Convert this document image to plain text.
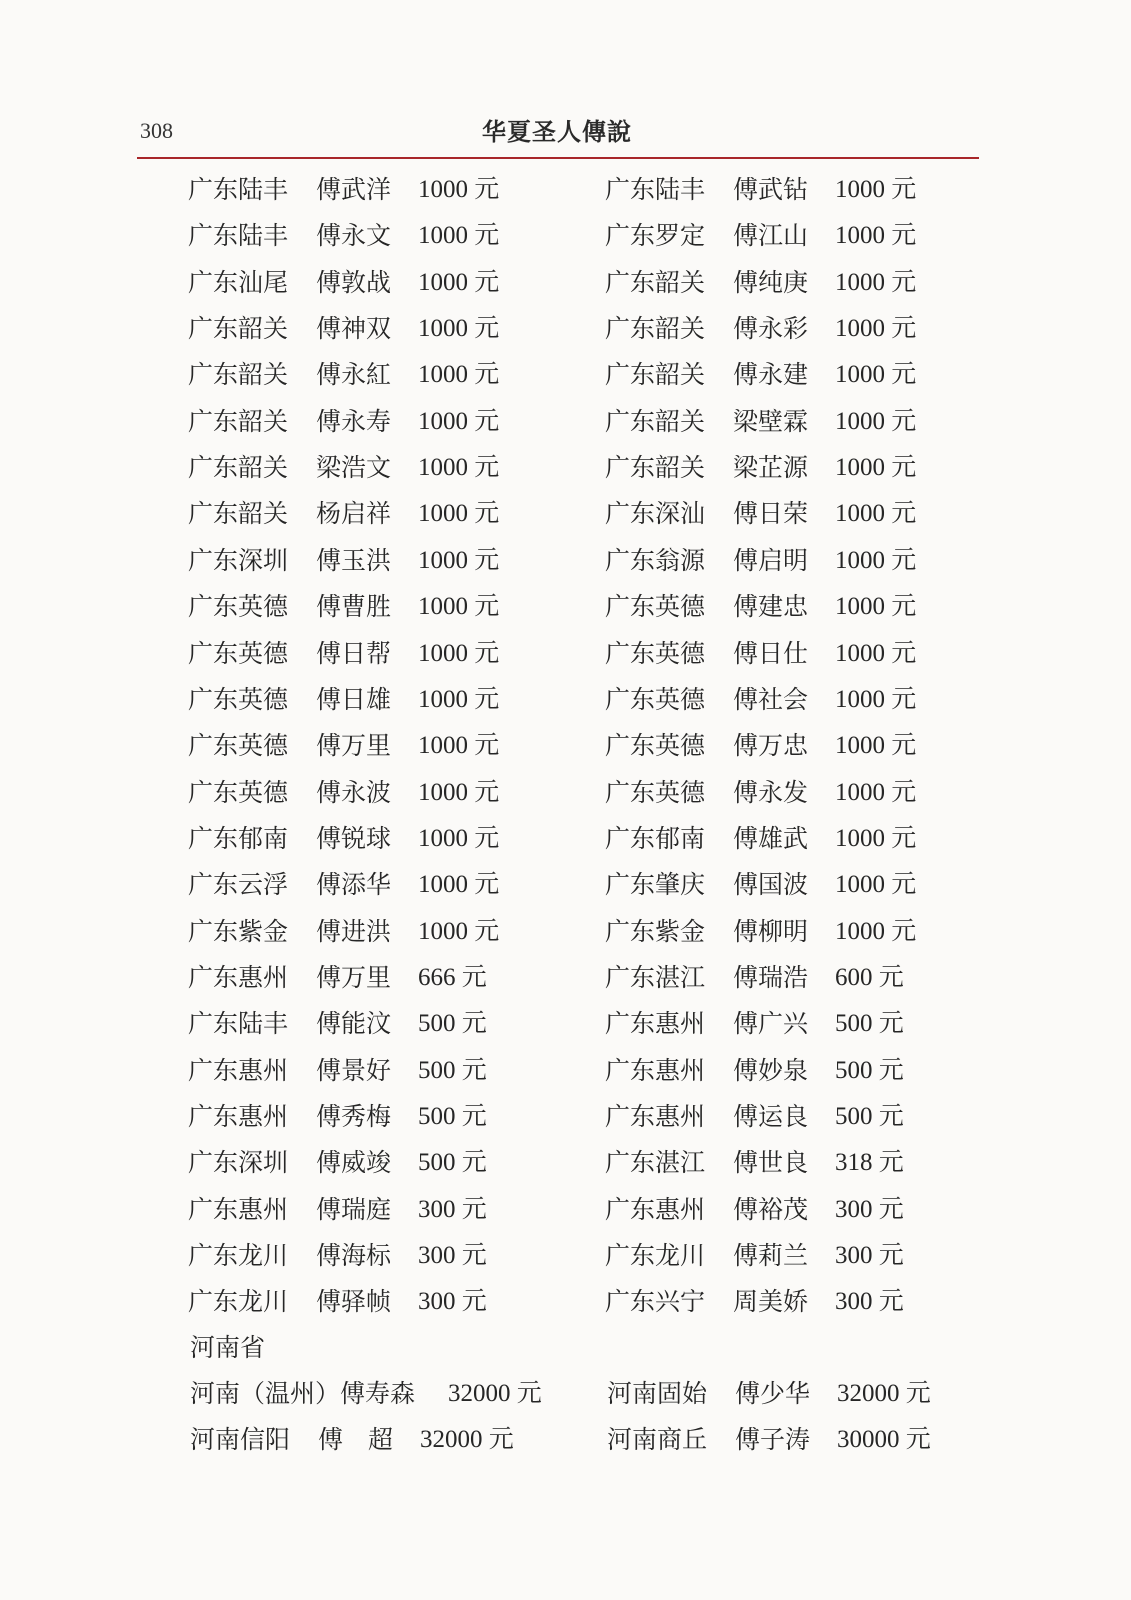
308	华夏圣人傳說
广东陆丰 傅武洋 1000 元	广东陆丰 傅武钻 1000 元
广东陆丰 傅永文 1000 元	广东罗定 傅江山 1000 元
广东汕尾 傅敦战 1000 元	广东韶关 傅纯庚 1000 元
广东韶关 傅神双 1000 元	广东韶关 傅永彩 1000 元
广东韶关 傅永紅 1000 元	广东韶关 傅永建 1000 元
广东韶关 傅永寿 1000 元	广东韶关 梁壁霖 1000 元
广东韶关 梁浩文 1000 元	广东韶关 梁芷源 1000 元
广东韶关 杨启祥 1000 元	广东深汕 傅日荣 1000 元
广东深圳 傅玉洪 1000 元	广东翁源 傅启明 1000 元
广东英德 傅曹胜 1000 元	广东英德 傅建忠 1000 元
广东英德 傅日帮 1000 元	广东英德 傅日仕 1000 元
广东英德 傅日雄 1000 元	广东英德 傅社会 1000 元
广东英德 傅万里 1000 元	广东英德 傅万忠 1000 元
广东英德 傅永波 1000 元	广东英德 傅永发 1000 元
广东郁南 傅锐球 1000 元	广东郁南 傅雄武 1000 元
广东云浮 傅添华 1000 元	广东肇庆 傅国波 1000 元
广东紫金 傅进洪 1000 元	广东紫金 傅柳明 1000 元
广东惠州 傅万里 666 元	广东湛江 傅瑞浩 600 元
广东陆丰 傅能汶 500 元	广东惠州 傅广兴 500 元
广东惠州 傅景好 500 元	广东惠州 傅妙泉 500 元
广东惠州 傅秀梅 500 元	广东惠州 傅运良 500 元
广东深圳 傅威竣 500 元	广东湛江 傅世良 318 元
广东惠州 傅瑞庭 300 元	广东惠州 傅裕茂 300 元
广东龙川 傅海标 300 元	广东龙川 傅莉兰 300 元
广东龙川 傅驿帧 300 元	广东兴宁 周美娇 300 元
河南省
河南（温州）傅寿森 32000 元	河南固始 傅少华 32000 元
河南信阳 傅　超 32000 元	河南商丘 傅子涛 30000 元
